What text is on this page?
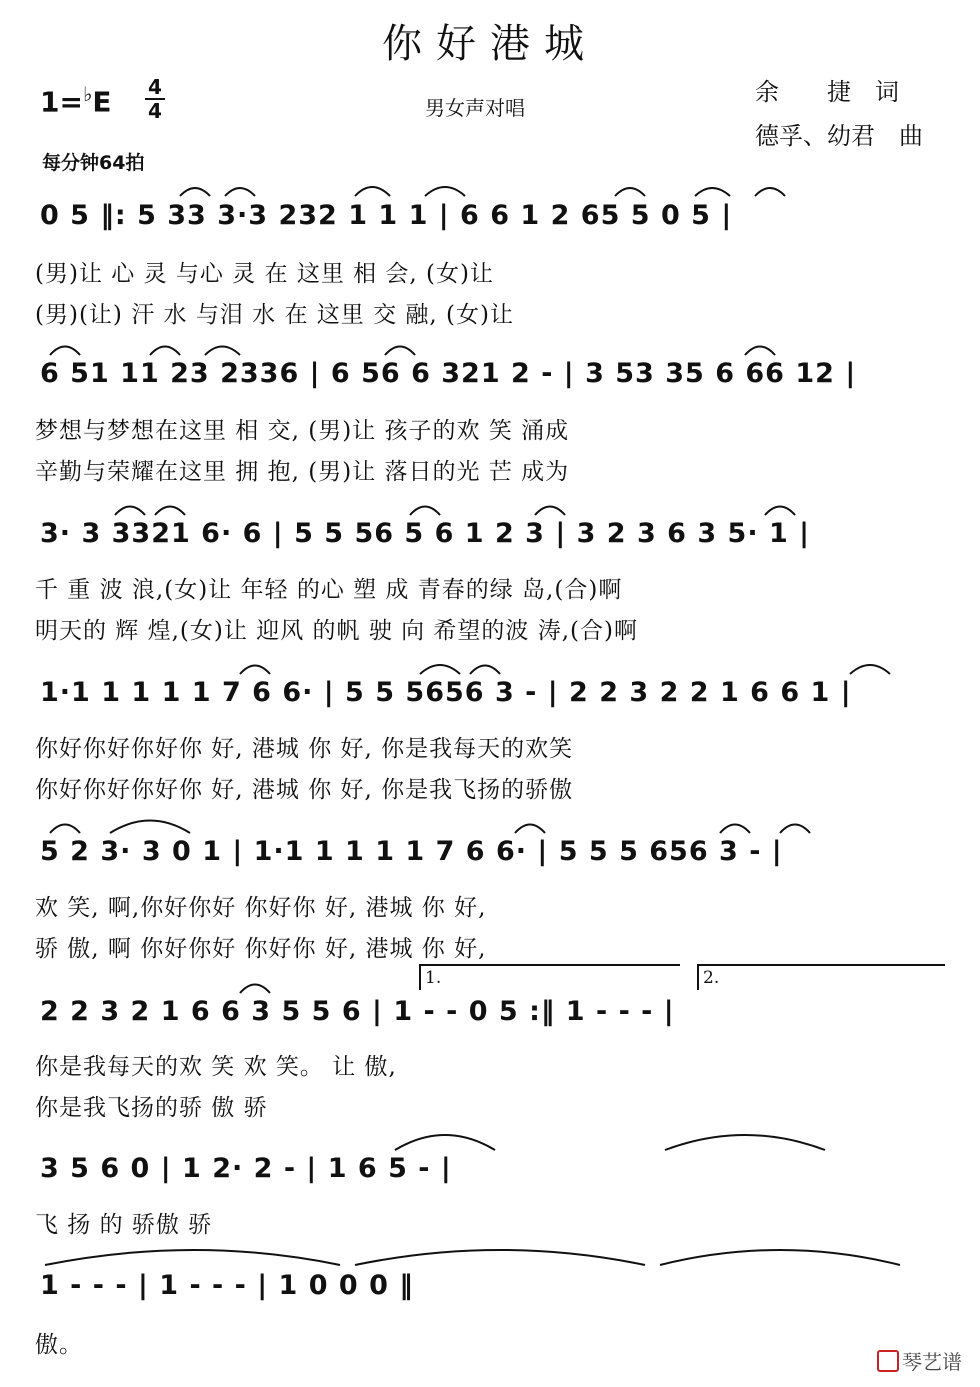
你好港城
1=♭E 4
4	男女声对唱
余　　捷　词
德孚、幼君　曲
每分钟64拍
0 5 ‖: 5 33 3·3 232 1 1 1 | 6 6 1 2 65 5 0 5 |
(男)让 心 灵 与心 灵 在 这里 相 会, (女)让
(男)(让) 汗 水 与泪 水 在 这里 交 融, (女)让
6 51 11 23 2336 | 6 56 6 321 2 - | 3 53 35 6 66 12 |
梦想与梦想在这里 相 交, (男)让 孩子的欢 笑 涌成
辛勤与荣耀在这里 拥 抱, (男)让 落日的光 芒 成为
3· 3 3321 6· 6 | 5 5 56 5 6 1 2 3 | 3 2 3 6 3 5· 1 |
千 重 波 浪,(女)让 年轻 的心 塑 成 青春的绿 岛,(合)啊
明天的 辉 煌,(女)让 迎风 的帆 驶 向 希望的波 涛,(合)啊
1·1 1 1 1 1 7 6 6· | 5 5 5656 3 - | 2 2 3 2 2 1 6 6 1 |
你好你好你好你 好, 港城 你 好, 你是我每天的欢笑
你好你好你好你 好, 港城 你 好, 你是我飞扬的骄傲
5 2 3· 3 0 1 | 1·1 1 1 1 1 7 6 6· | 5 5 5 656 3 - |
欢 笑, 啊,你好你好 你好你 好, 港城 你 好,
骄 傲, 啊 你好你好 你好你 好, 港城 你 好,
1.	2.
2 2 3 2 1 6 6 3 5 5 6 | 1 - - 0 5 :‖ 1 - - - |
你是我每天的欢 笑 欢 笑。 让 傲,
你是我飞扬的骄 傲 骄
3 5 6 0 | 1 2· 2 - | 1 6 5 - |
飞 扬 的 骄傲 骄
1 - - - | 1 - - - | 1 0 0 0 ‖
傲。
琴艺谱
